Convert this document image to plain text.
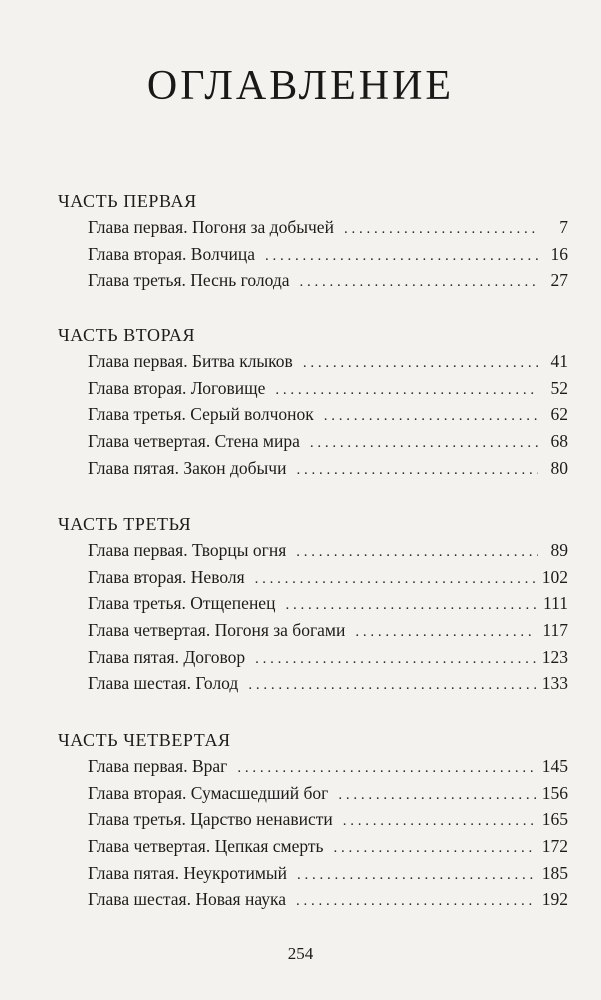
ОГЛАВЛЕНИЕ
ЧАСТЬ ПЕРВАЯ
Глава первая. Погоня за добычей . . .	7
Глава вторая. Волчица . . .	16
Глава третья. Песнь голода . . .	27
ЧАСТЬ ВТОРАЯ
Глава первая. Битва клыков . . .	41
Глава вторая. Логовище . . .	52
Глава третья. Серый волчонок . . .	62
Глава четвертая. Стена мира . . .	68
Глава пятая. Закон добычи . . .	80
ЧАСТЬ ТРЕТЬЯ
Глава первая. Творцы огня . . .	89
Глава вторая. Неволя . . .	102
Глава третья. Отщепенец . . .	111
Глава четвертая. Погоня за богами . . .	117
Глава пятая. Договор . . .	123
Глава шестая. Голод . . .	133
ЧАСТЬ ЧЕТВЕРТАЯ
Глава первая. Враг . . .	145
Глава вторая. Сумасшедший бог . . .	156
Глава третья. Царство ненависти . . .	165
Глава четвертая. Цепкая смерть . . .	172
Глава пятая. Неукротимый . . .	185
Глава шестая. Новая наука . . .	192
254
